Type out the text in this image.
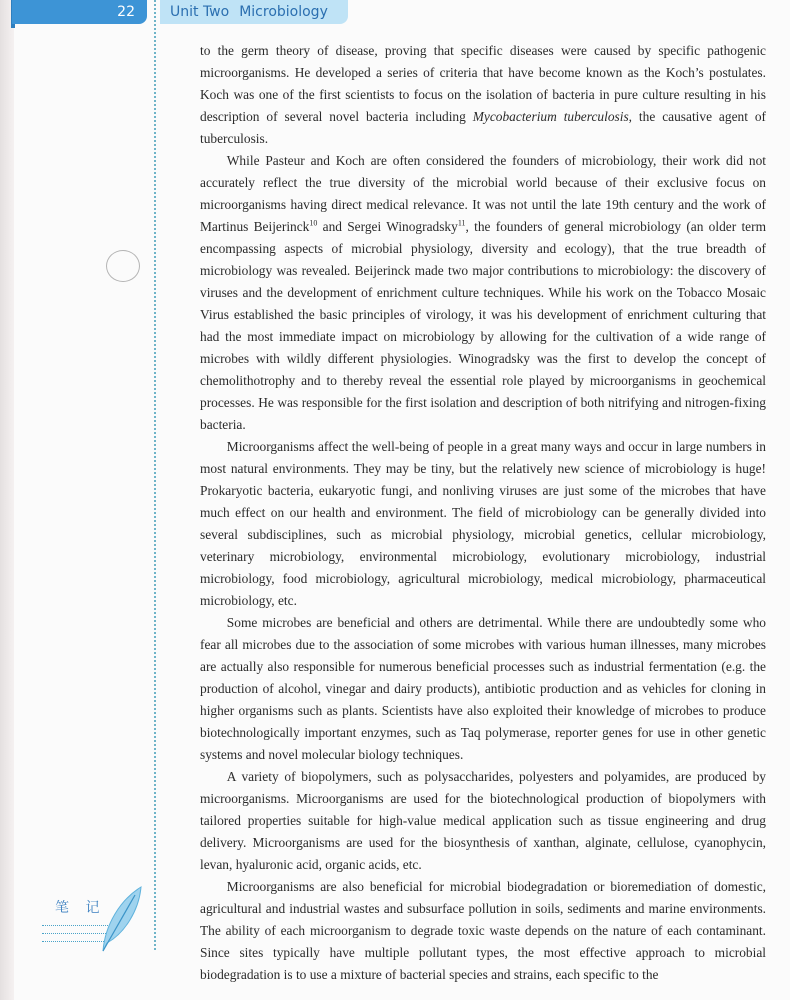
22	Unit Two Microbiology
笔 记

to the germ theory of disease, proving that specific diseases were caused by specific pathogenic microorganisms. He developed a series of criteria that have become known as the Koch’s postulates. Koch was one of the first scientists to focus on the isolation of bacteria in pure culture resulting in his description of several novel bacteria including Mycobacterium tuberculosis, the causative agent of tuberculosis.

While Pasteur and Koch are often considered the founders of microbiology, their work did not accurately reflect the true diversity of the microbial world because of their exclusive focus on microorganisms having direct medical relevance. It was not until the late 19th century and the work of Martinus Beijerinck$^{10}$ and Sergei Winogradsky$^{11}$, the founders of general microbiology (an older term encompassing aspects of microbial physiology, diversity and ecology), that the true breadth of microbiology was revealed. Beijerinck made two major contributions to microbiology: the discovery of viruses and the development of enrichment culture techniques. While his work on the Tobacco Mosaic Virus established the basic principles of virology, it was his development of enrichment culturing that had the most immediate impact on microbiology by allowing for the cultivation of a wide range of microbes with wildly different physiologies. Winogradsky was the first to develop the concept of chemolithotrophy and to thereby reveal the essential role played by microorganisms in geochemical processes. He was responsible for the first isolation and description of both nitrifying and nitrogen-fixing bacteria.

Microorganisms affect the well-being of people in a great many ways and occur in large numbers in most natural environments. They may be tiny, but the relatively new science of microbiology is huge! Prokaryotic bacteria, eukaryotic fungi, and nonliving viruses are just some of the microbes that have much effect on our health and environment. The field of microbiology can be generally divided into several subdisciplines, such as microbial physiology, microbial genetics, cellular microbiology, veterinary microbiology, environmental microbiology, evolutionary microbiology, industrial microbiology, food microbiology, agricultural microbiology, medical microbiology, pharmaceutical microbiology, etc.

Some microbes are beneficial and others are detrimental. While there are undoubtedly some who fear all microbes due to the association of some microbes with various human illnesses, many microbes are actually also responsible for numerous beneficial processes such as industrial fermentation (e.g. the production of alcohol, vinegar and dairy products), antibiotic production and as vehicles for cloning in higher organisms such as plants. Scientists have also exploited their knowledge of microbes to produce biotechnologically important enzymes, such as Taq polymerase, reporter genes for use in other genetic systems and novel molecular biology techniques.

A variety of biopolymers, such as polysaccharides, polyesters and polyamides, are produced by microorganisms. Microorganisms are used for the biotechnological production of biopolymers with tailored properties suitable for high-value medical application such as tissue engineering and drug delivery. Microorganisms are used for the biosynthesis of xanthan, alginate, cellulose, cyanophycin, levan, hyaluronic acid, organic acids, etc.

Microorganisms are also beneficial for microbial biodegradation or bioremediation of domestic, agricultural and industrial wastes and subsurface pollution in soils, sediments and marine environments. The ability of each microorganism to degrade toxic waste depends on the nature of each contaminant. Since sites typically have multiple pollutant types, the most effective approach to microbial biodegradation is to use a mixture of bacterial species and strains, each specific to the
